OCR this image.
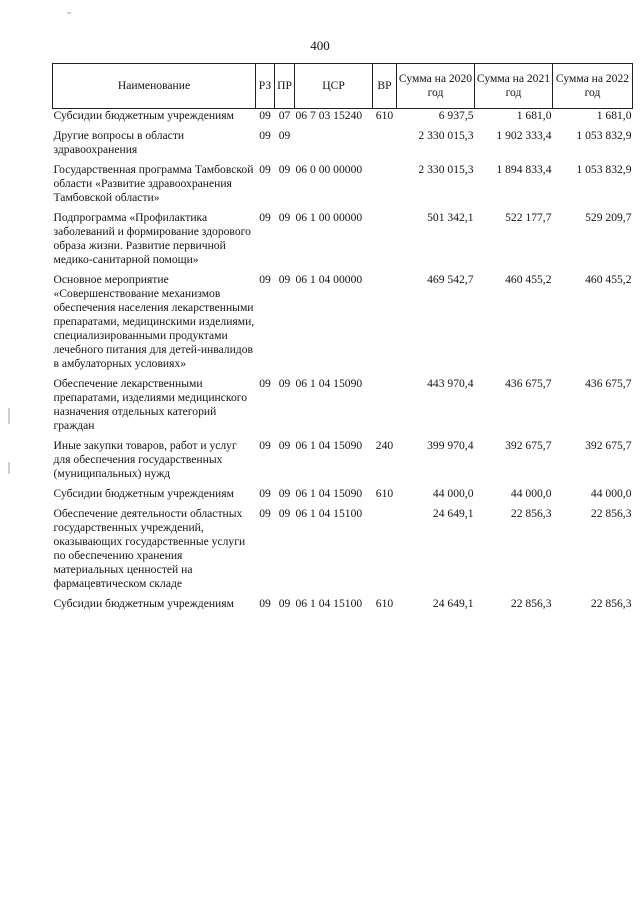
400
Наименование	РЗ	ПР	ЦСР	ВР	Сумма на 2020 год	Сумма на 2021 год	Сумма на 2022 год
Субсидии бюджетным учреждениям	09	07	06 7 03 15240	610	6 937,5	1 681,0	1 681,0
Другие вопросы в области здравоохранения	09	09			2 330 015,3	1 902 333,4	1 053 832,9
Государственная программа Тамбовской области «Развитие здравоохранения Тамбовской области»	09	09	06 0 00 00000		2 330 015,3	1 894 833,4	1 053 832,9
Подпрограмма «Профилактика заболеваний и формирование здорового образа жизни. Развитие первичной медико-санитарной помощи»	09	09	06 1 00 00000		501 342,1	522 177,7	529 209,7
Основное мероприятие «Совершенствование механизмов обеспечения населения лекарственными препаратами, медицинскими изделиями, специализированными продуктами лечебного питания для детей-инвалидов в амбулаторных условиях»	09	09	06 1 04 00000		469 542,7	460 455,2	460 455,2
Обеспечение лекарственными препаратами, изделиями медицинского назначения отдельных категорий граждан	09	09	06 1 04 15090		443 970,4	436 675,7	436 675,7
Иные закупки товаров, работ и услуг для обеспечения государственных (муниципальных) нужд	09	09	06 1 04 15090	240	399 970,4	392 675,7	392 675,7
Субсидии бюджетным учреждениям	09	09	06 1 04 15090	610	44 000,0	44 000,0	44 000,0
Обеспечение деятельности областных государственных учреждений, оказывающих государственные услуги по обеспечению хранения материальных ценностей на фармацевтическом складе	09	09	06 1 04 15100		24 649,1	22 856,3	22 856,3
Субсидии бюджетным учреждениям	09	09	06 1 04 15100	610	24 649,1	22 856,3	22 856,3
